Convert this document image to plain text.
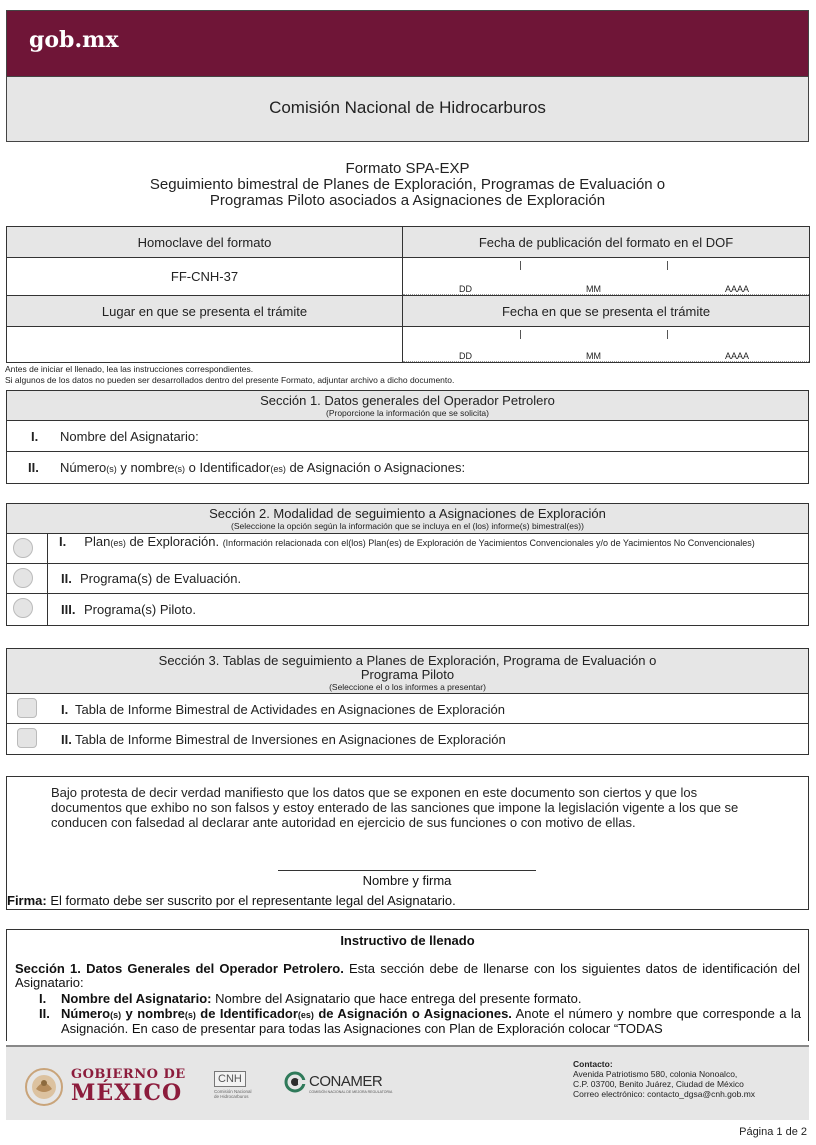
gob.mx
Comisión Nacional de Hidrocarburos
Formato SPA-EXP
Seguimiento bimestral de Planes de Exploración, Programas de Evaluación o
Programas Piloto asociados a Asignaciones de Exploración
Homoclave del formato	Fecha de publicación del formato en el DOF
FF-CNH-37	DD MM AAAA

Lugar en que se presenta el trámite	Fecha en que se presenta el trámite

	DD MM AAAA
Antes de iniciar el llenado, lea las instrucciones correspondientes.
Si algunos de los datos no pueden ser desarrollados dentro del presente Formato, adjuntar archivo a dicho documento.
Sección 1. Datos generales del Operador Petrolero
(Proporcione la información que se solicita)
I. Nombre del Asignatario:
II. Número(s) y nombre(s) o Identificador(es) de Asignación o Asignaciones:
Sección 2. Modalidad de seguimiento a Asignaciones de Exploración
(Seleccione la opción según la información que se incluya en el (los) informe(s) bimestral(es))
I. Plan(es) de Exploración. (Información relacionada con el(los) Plan(es) de Exploración de Yacimientos Convencionales y/o de Yacimientos No Convencionales)
II. Programa(s) de Evaluación.
III. Programa(s) Piloto.
Sección 3. Tablas de seguimiento a Planes de Exploración, Programa de Evaluación o
Programa Piloto
(Seleccione el o los informes a presentar)
I. Tabla de Informe Bimestral de Actividades en Asignaciones de Exploración
II. Tabla de Informe Bimestral de Inversiones en Asignaciones de Exploración
Bajo protesta de decir verdad manifiesto que los datos que se exponen en este documento son ciertos y que los documentos que exhibo no son falsos y estoy enterado de las sanciones que impone la legislación vigente a los que se conducen con falsedad al declarar ante autoridad en ejercicio de sus funciones o con motivo de ellas.
Nombre y firma
Firma: El formato debe ser suscrito por el representante legal del Asignatario.
Instructivo de llenado
Sección 1. Datos Generales del Operador Petrolero. Esta sección debe de llenarse con los siguientes datos de identificación del Asignatario:
I.	Nombre del Asignatario: Nombre del Asignatario que hace entrega del presente formato.
II. Número(s) y nombre(s) de Identificador(es) de Asignación o Asignaciones. Anote el número y nombre que corresponde a la Asignación. En caso de presentar para todas las Asignaciones con Plan de Exploración colocar “TODAS
GOBIERNO DE
MÉXICO
CNH
Comisión Nacional de Hidrocarburos
CONAMER
COMISIÓN NACIONAL DE MEJORA REGULATORIA
Contacto:
Avenida Patriotismo 580, colonia Nonoalco,
C.P. 03700, Benito Juárez, Ciudad de México
Correo electrónico: contacto_dgsa@cnh.gob.mx
Página 1 de 2
